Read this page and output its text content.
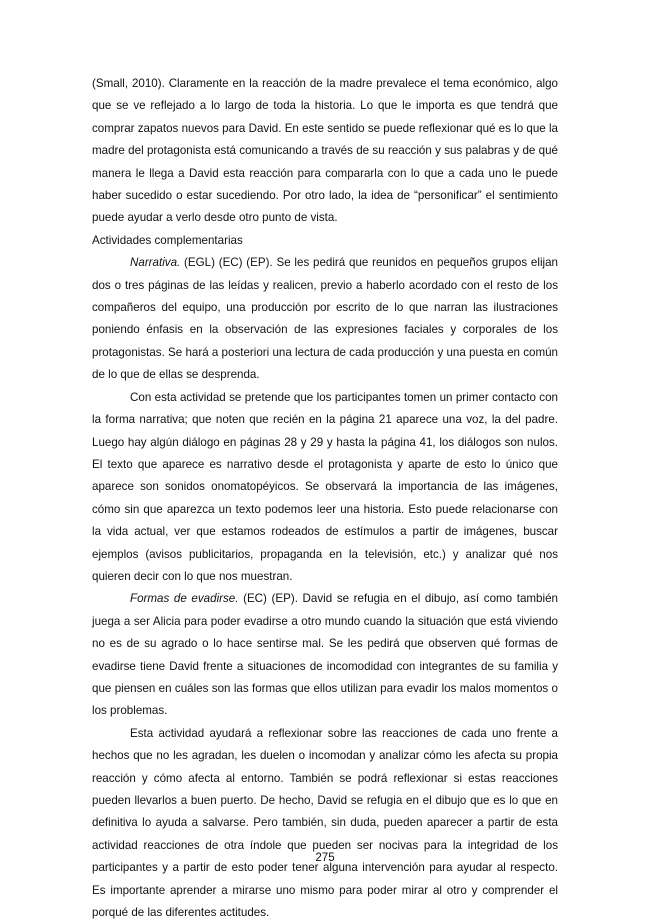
(Small, 2010). Claramente en la reacción de la madre prevalece el tema económico, algo que se ve reflejado a lo largo de toda la historia. Lo que le importa es que tendrá que comprar zapatos nuevos para David. En este sentido se puede reflexionar qué es lo que la madre del protagonista está comunicando a través de su reacción y sus palabras y de qué manera le llega a David esta reacción para compararla con lo que a cada uno le puede haber sucedido o estar sucediendo. Por otro lado, la idea de “personificar” el sentimiento puede ayudar a verlo desde otro punto de vista.

Actividades complementarias

Narrativa. (EGL) (EC) (EP). Se les pedirá que reunidos en pequeños grupos elijan dos o tres páginas de las leídas y realicen, previo a haberlo acordado con el resto de los compañeros del equipo, una producción por escrito de lo que narran las ilustraciones poniendo énfasis en la observación de las expresiones faciales y corporales de los protagonistas. Se hará a posteriori una lectura de cada producción y una puesta en común de lo que de ellas se desprenda.

Con esta actividad se pretende que los participantes tomen un primer contacto con la forma narrativa; que noten que recién en la página 21 aparece una voz, la del padre. Luego hay algún diálogo en páginas 28 y 29 y hasta la página 41, los diálogos son nulos. El texto que aparece es narrativo desde el protagonista y aparte de esto lo único que aparece son sonidos onomatopéyicos. Se observará la importancia de las imágenes, cómo sin que aparezca un texto podemos leer una historia. Esto puede relacionarse con la vida actual, ver que estamos rodeados de estímulos a partir de imágenes, buscar ejemplos (avisos publicitarios, propaganda en la televisión, etc.) y analizar qué nos quieren decir con lo que nos muestran.

Formas de evadirse. (EC) (EP). David se refugia en el dibujo, así como también juega a ser Alicia para poder evadirse a otro mundo cuando la situación que está viviendo no es de su agrado o lo hace sentirse mal. Se les pedirá que observen qué formas de evadirse tiene David frente a situaciones de incomodidad con integrantes de su familia y que piensen en cuáles son las formas que ellos utilizan para evadir los malos momentos o los problemas.

Esta actividad ayudará a reflexionar sobre las reacciones de cada uno frente a hechos que no les agradan, les duelen o incomodan y analizar cómo les afecta su propia reacción y cómo afecta al entorno. También se podrá reflexionar si estas reacciones pueden llevarlos a buen puerto. De hecho, David se refugia en el dibujo que es lo que en definitiva lo ayuda a salvarse. Pero también, sin duda, pueden aparecer a partir de esta actividad reacciones de otra índole que pueden ser nocivas para la integridad de los participantes y a partir de esto poder tener alguna intervención para ayudar al respecto. Es importante aprender a mirarse uno mismo para poder mirar al otro y comprender el porqué de las diferentes actitudes.

275
